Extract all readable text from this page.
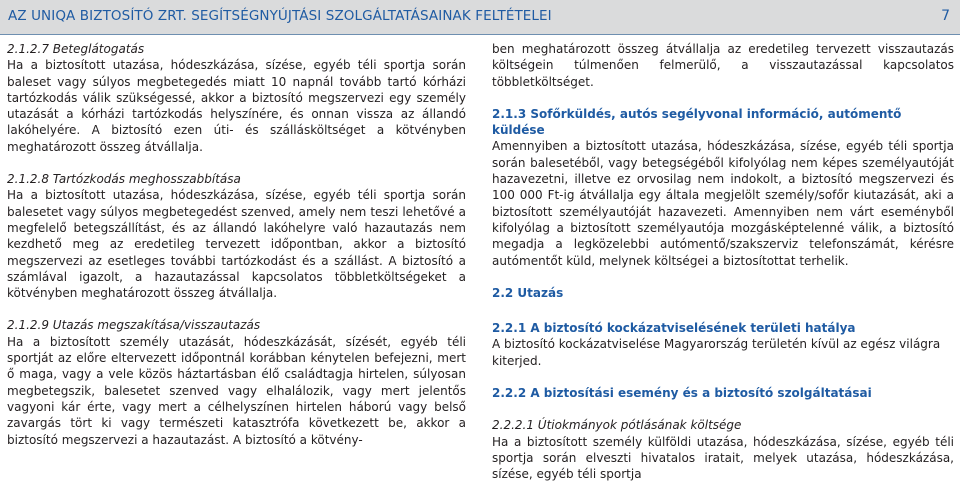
AZ UNIQA BIZTOSÍTÓ ZRT. SEGÍTSÉGNYÚJTÁSI SZOLGÁLTATÁSAINAK FELTÉTELEI	7

2.1.2.7 Beteglátogatás

Ha a biztosított utazása, hódeszkázása, sízése, egyéb téli sportja során baleset vagy súlyos megbetegedés miatt 10 napnál tovább tartó kórházi tartózkodás válik szükségessé, akkor a biztosító megszervezi egy személy utazását a kórházi tartózkodás helyszínére, és onnan vissza az állandó lakóhelyére. A biztosító ezen úti- és szállásköltséget a kötvényben meghatározott összeg átvállalja.

2.1.2.8 Tartózkodás meghosszabbítása

Ha a biztosított utazása, hódeszkázása, sízése, egyéb téli sportja során balesetet vagy súlyos megbetegedést szenved, amely nem teszi lehetővé a megfelelő betegszállítást, és az állandó lakóhelyre való hazautazás nem kezdhető meg az eredetileg tervezett időpontban, akkor a biztosító megszervezi az esetleges további tartózkodást és a szállást. A biztosító a számlával igazolt, a hazautazással kapcsolatos többletköltségeket a kötvényben meghatározott összeg átvállalja.

2.1.2.9 Utazás megszakítása/visszautazás

Ha a biztosított személy utazását, hódeszkázását, sízését, egyéb téli sportját az előre eltervezett időpontnál korábban kénytelen befejezni, mert ő maga, vagy a vele közös háztartásban élő családtagja hirtelen, súlyosan megbetegszik, balesetet szenved vagy elhalálozik, vagy mert jelentős vagyoni kár érte, vagy mert a célhelyszínen hirtelen háború vagy belső zavargás tört ki vagy természeti katasztrófa következett be, akkor a biztosító megszervezi a hazautazást. A biztosító a kötvény-

ben meghatározott összeg átvállalja az eredetileg tervezett visszautazás költségein túlmenően felmerülő, a visszautazással kapcsolatos többletköltséget.

2.1.3 Sofőrküldés, autós segélyvonal információ, autómentő küldése

Amennyiben a biztosított utazása, hódeszkázása, sízése, egyéb téli sportja során balesetéből, vagy betegségéből kifolyólag nem képes személyautóját hazavezetni, illetve ez orvosilag nem indokolt, a biztosító megszervezi és 100 000 Ft-ig átvállalja egy általa megjelölt személy/sofőr kiutazását, aki a biztosított személyautóját hazavezeti. Amennyiben nem várt eseményből kifolyólag a biztosított személyautója mozgásképtelenné válik, a biztosító megadja a legközelebbi autómentő/szakszerviz telefonszámát, kérésre autómentőt küld, melynek költségei a biztosítottat terhelik.

2.2 Utazás

2.2.1 A biztosító kockázatviselésének területi hatálya

A biztosító kockázatviselése Magyarország területén kívül az egész világra kiterjed.

2.2.2 A biztosítási esemény és a biztosító szolgáltatásai

2.2.2.1 Útiokmányok pótlásának költsége

Ha a biztosított személy külföldi utazása, hódeszkázása, sízése, egyéb téli sportja során elveszti hivatalos iratait, melyek utazása, hódeszkázása, sízése, egyéb téli sportja
